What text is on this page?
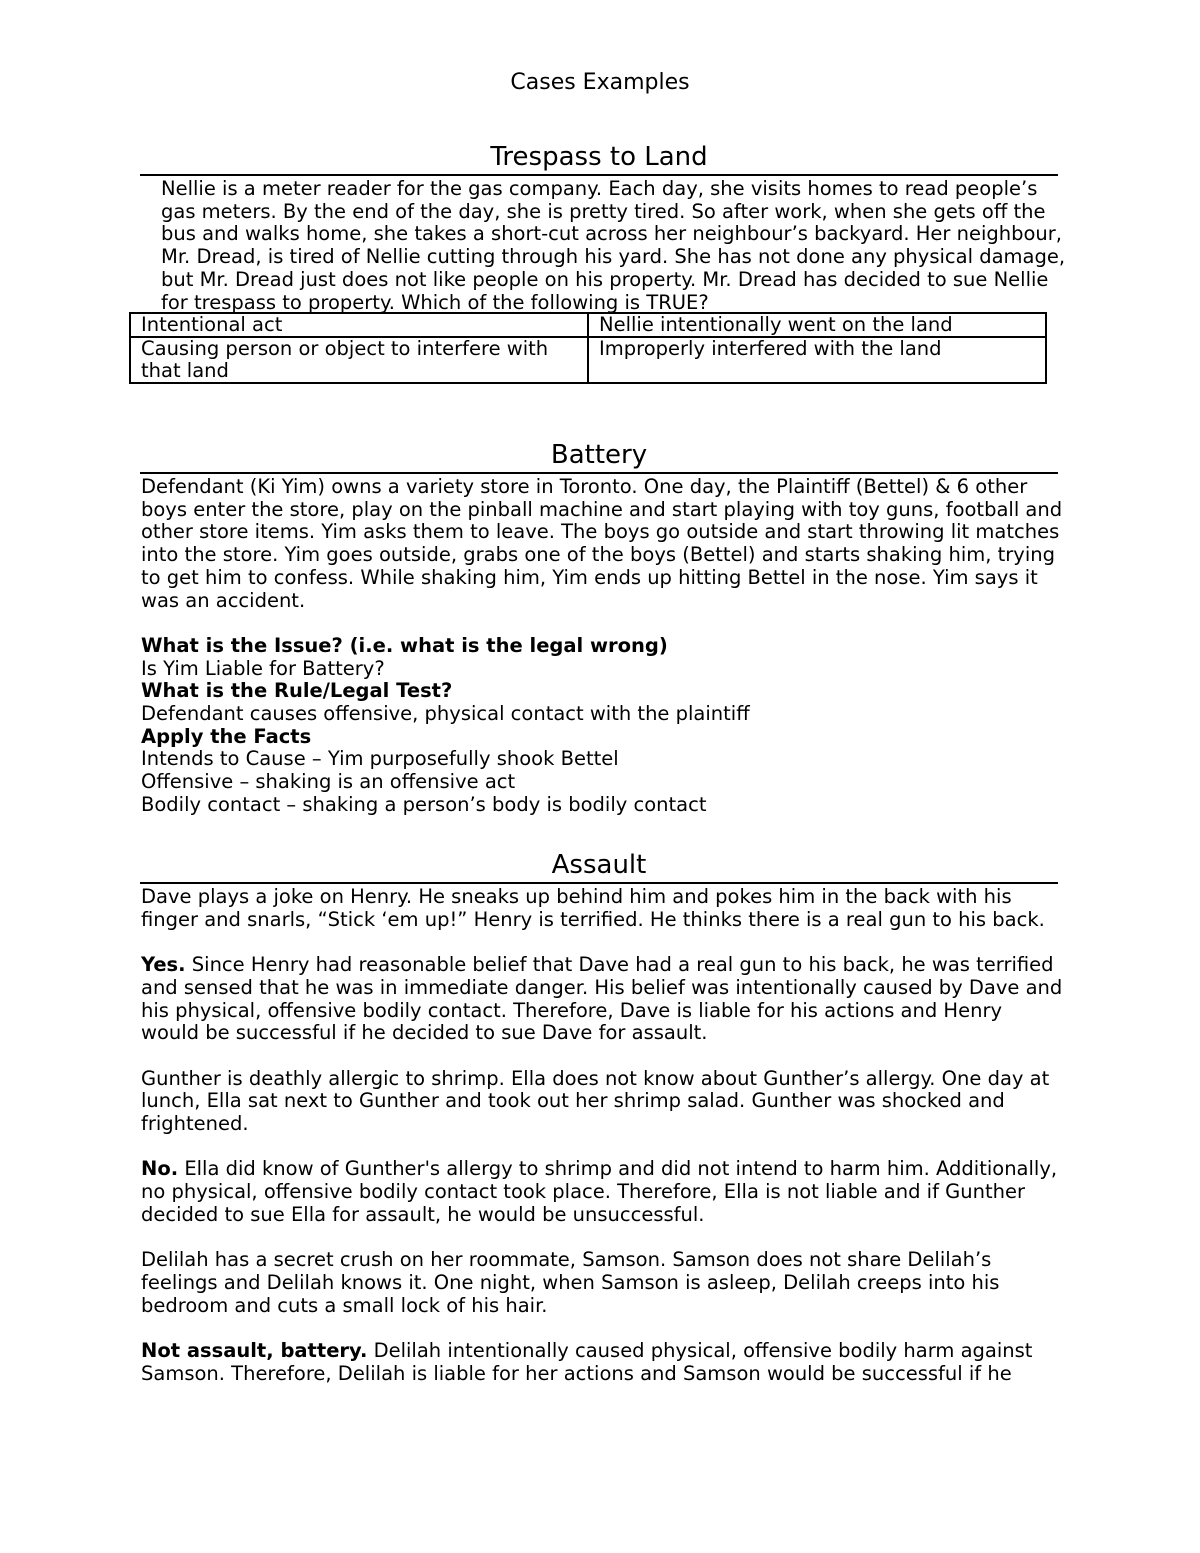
Cases Examples
Trespass to Land

Nellie is a meter reader for the gas company. Each day, she visits homes to read people’s gas meters. By the end of the day, she is pretty tired. So after work, when she gets off the bus and walks home, she takes a short-cut across her neighbour’s backyard. Her neighbour, Mr. Dread, is tired of Nellie cutting through his yard. She has not done any physical damage, but Mr. Dread just does not like people on his property. Mr. Dread has decided to sue Nellie for trespass to property. Which of the following is TRUE?

Intentional act	Nellie intentionally went on the land
Causing person or object to interfere with that land	Improperly interfered with the land
Battery

Defendant (Ki Yim) owns a variety store in Toronto. One day, the Plaintiff (Bettel) & 6 other boys enter the store, play on the pinball machine and start playing with toy guns, football and other store items. Yim asks them to leave. The boys go outside and start throwing lit matches into the store. Yim goes outside, grabs one of the boys (Bettel) and starts shaking him, trying to get him to confess. While shaking him, Yim ends up hitting Bettel in the nose. Yim says it was an accident.

What is the Issue? (i.e. what is the legal wrong)

Is Yim Liable for Battery?

What is the Rule/Legal Test?

Defendant causes offensive, physical contact with the plaintiff

Apply the Facts

Intends to Cause – Yim purposefully shook Bettel

Offensive – shaking is an offensive act

Bodily contact – shaking a person’s body is bodily contact

Assault

Dave plays a joke on Henry. He sneaks up behind him and pokes him in the back with his finger and snarls, “Stick ‘em up!” Henry is terrified. He thinks there is a real gun to his back.

Yes. Since Henry had reasonable belief that Dave had a real gun to his back, he was terrified and sensed that he was in immediate danger. His belief was intentionally caused by Dave and his physical, offensive bodily contact. Therefore, Dave is liable for his actions and Henry would be successful if he decided to sue Dave for assault.

Gunther is deathly allergic to shrimp. Ella does not know about Gunther’s allergy. One day at lunch, Ella sat next to Gunther and took out her shrimp salad. Gunther was shocked and frightened.

No. Ella did know of Gunther's allergy to shrimp and did not intend to harm him. Additionally, no physical, offensive bodily contact took place. Therefore, Ella is not liable and if Gunther decided to sue Ella for assault, he would be unsuccessful.

Delilah has a secret crush on her roommate, Samson. Samson does not share Delilah’s feelings and Delilah knows it. One night, when Samson is asleep, Delilah creeps into his bedroom and cuts a small lock of his hair.

Not assault, battery. Delilah intentionally caused physical, offensive bodily harm against Samson. Therefore, Delilah is liable for her actions and Samson would be successful if he
